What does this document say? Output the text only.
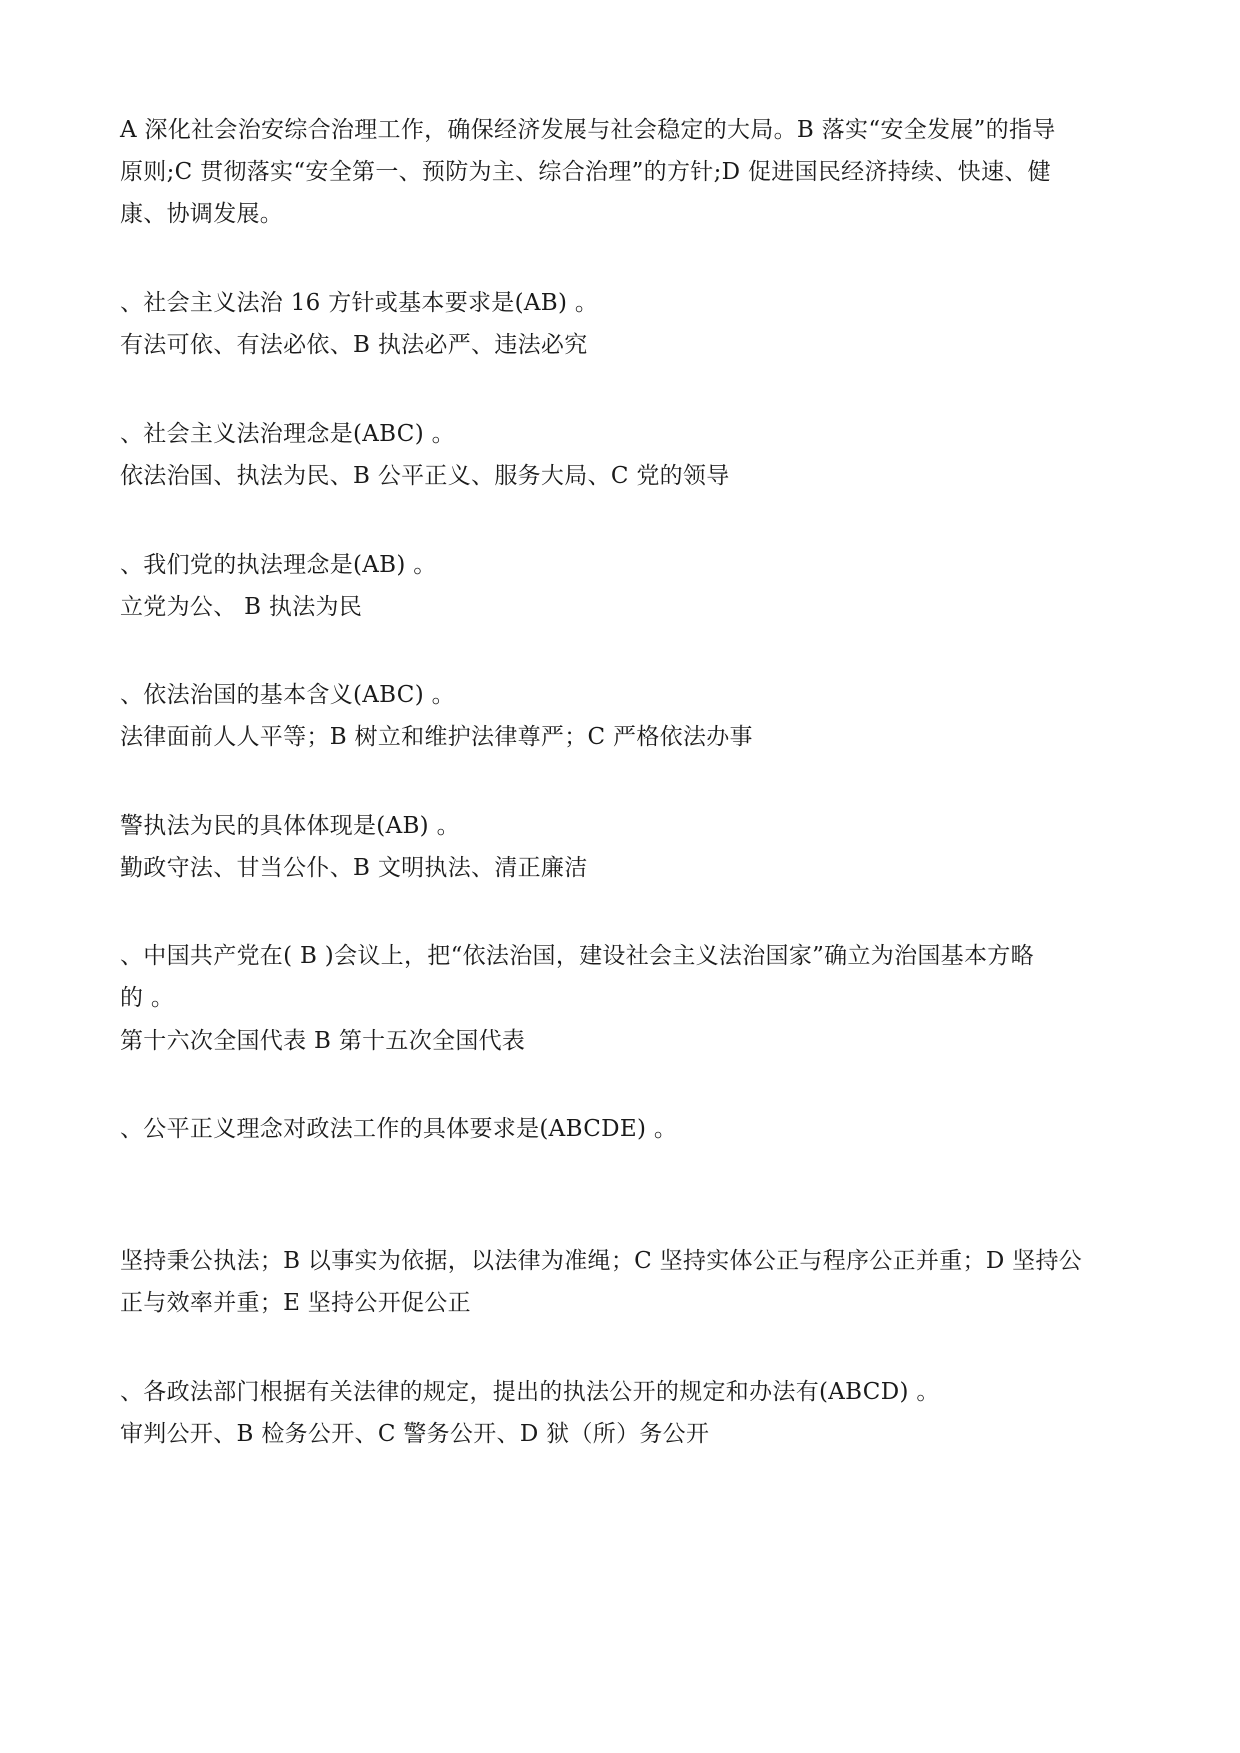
A 深化社会治安综合治理工作，确保经济发展与社会稳定的大局。B 落实“安全发展”的指导
原则;C 贯彻落实“安全第一、预防为主、综合治理”的方针;D 促进国民经济持续、快速、健
康、协调发展。
、社会主义法治 16 方针或基本要求是(AB) 。
有法可依、有法必依、B 执法必严、违法必究
、社会主义法治理念是(ABC) 。
依法治国、执法为民、B 公平正义、服务大局、C 党的领导
、我们党的执法理念是(AB) 。
立党为公、 B 执法为民
、依法治国的基本含义(ABC) 。
法律面前人人平等；B 树立和维护法律尊严；C 严格依法办事
警执法为民的具体体现是(AB) 。
勤政守法、甘当公仆、B 文明执法、清正廉洁
、中国共产党在( B )会议上，把“依法治国，建设社会主义法治国家”确立为治国基本方略
的 。
第十六次全国代表 B 第十五次全国代表
、公平正义理念对政法工作的具体要求是(ABCDE) 。
坚持秉公执法；B 以事实为依据，以法律为准绳；C 坚持实体公正与程序公正并重；D 坚持公
正与效率并重；E 坚持公开促公正
、各政法部门根据有关法律的规定，提出的执法公开的规定和办法有(ABCD) 。
审判公开、B 检务公开、C 警务公开、D 狱（所）务公开
